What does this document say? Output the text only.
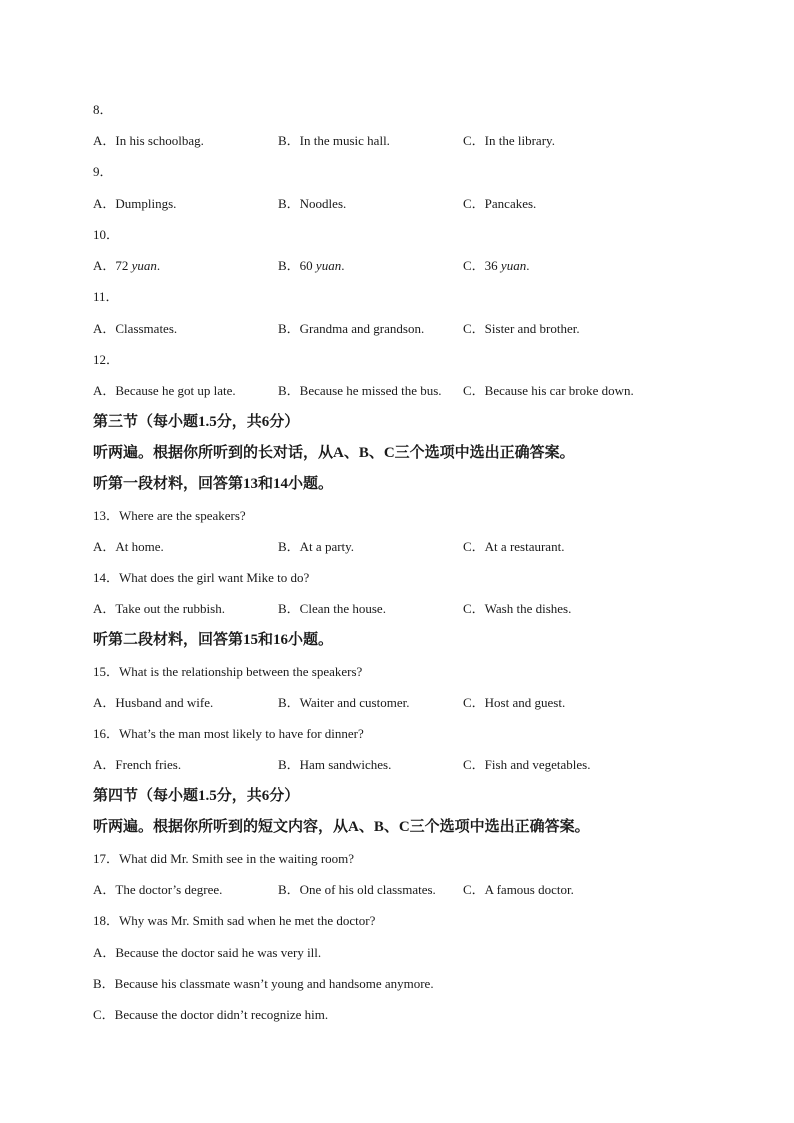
8．
A．In his schoolbag.	B．In the music hall.	C．In the library.
9．
A．Dumplings.	B．Noodles.	C．Pancakes.
10．
A．72 yuan.	B．60 yuan.	C．36 yuan.
11．
A．Classmates.	B．Grandma and grandson.	C．Sister and brother.
12．
A．Because he got up late.	B．Because he missed the bus. C．Because his car broke down.
第三节（每小题1.5分，共6分）
听两遍。根据你所听到的长对话，从A、B、C三个选项中选出正确答案。
听第一段材料，回答第13和14小题。
13．Where are the speakers?
A．At home.	B．At a party.	C．At a restaurant.
14．What does the girl want Mike to do?
A．Take out the rubbish.	B．Clean the house.	C．Wash the dishes.
听第二段材料，回答第15和16小题。
15．What is the relationship between the speakers?
A．Husband and wife.	B．Waiter and customer.	C．Host and guest.
16．What’s the man most likely to have for dinner?
A．French fries.	B．Ham sandwiches.	C．Fish and vegetables.
第四节（每小题1.5分，共6分）
听两遍。根据你所听到的短文内容，从A、B、C三个选项中选出正确答案。
17．What did Mr. Smith see in the waiting room?
A．The doctor’s degree.	B．One of his old classmates. C．A famous doctor.
18．Why was Mr. Smith sad when he met the doctor?
A．Because the doctor said he was very ill.
B．Because his classmate wasn’t young and handsome anymore.
C．Because the doctor didn’t recognize him.
